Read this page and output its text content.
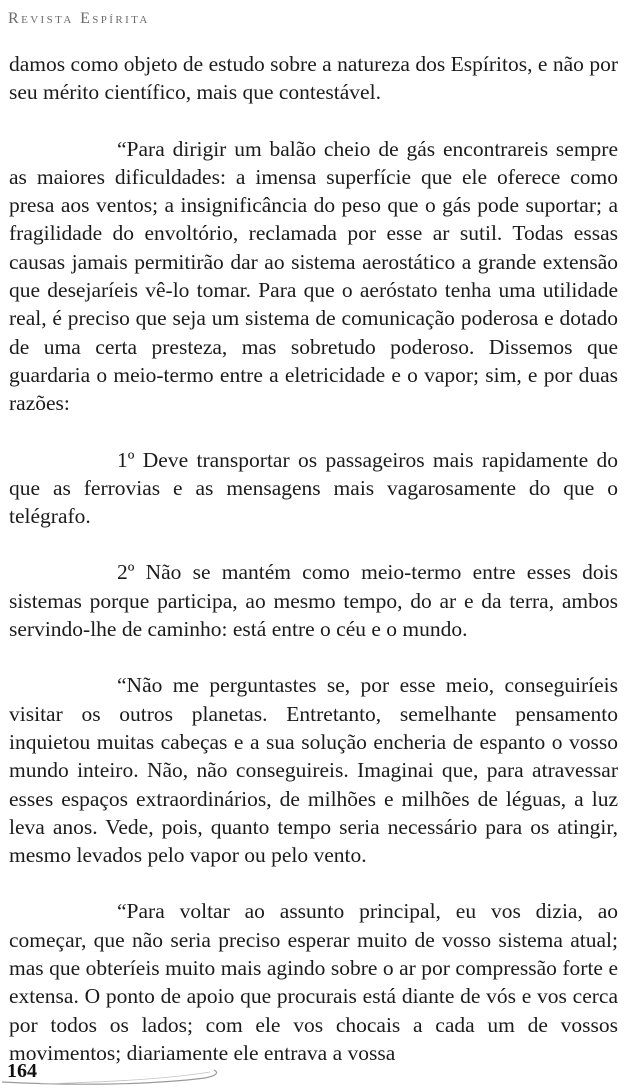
Revista Espírita

damos como objeto de estudo sobre a natureza dos Espíritos, e não por seu mérito científico, mais que contestável.

“Para dirigir um balão cheio de gás encontrareis sempre as maiores dificuldades: a imensa superfície que ele oferece como presa aos ventos; a insignificância do peso que o gás pode suportar; a fragilidade do envoltório, reclamada por esse ar sutil. Todas essas causas jamais permitirão dar ao sistema aerostático a grande extensão que desejaríeis vê-lo tomar. Para que o aeróstato tenha uma utilidade real, é preciso que seja um sistema de comunicação poderosa e dotado de uma certa presteza, mas sobretudo poderoso. Dissemos que guardaria o meio-termo entre a eletricidade e o vapor; sim, e por duas razões:

1º Deve transportar os passageiros mais rapidamente do que as ferrovias e as mensagens mais vagarosamente do que o telégrafo.

2º Não se mantém como meio-termo entre esses dois sistemas porque participa, ao mesmo tempo, do ar e da terra, ambos servindo-lhe de caminho: está entre o céu e o mundo.

“Não me perguntastes se, por esse meio, conseguiríeis visitar os outros planetas. Entretanto, semelhante pensamento inquietou muitas cabeças e a sua solução encheria de espanto o vosso mundo inteiro. Não, não conseguireis. Imaginai que, para atravessar esses espaços extraordinários, de milhões e milhões de léguas, a luz leva anos. Vede, pois, quanto tempo seria necessário para os atingir, mesmo levados pelo vapor ou pelo vento.

“Para voltar ao assunto principal, eu vos dizia, ao começar, que não seria preciso esperar muito de vosso sistema atual; mas que obteríeis muito mais agindo sobre o ar por compressão forte e extensa. O ponto de apoio que procurais está diante de vós e vos cerca por todos os lados; com ele vos chocais a cada um de vossos movimentos; diariamente ele entrava a vossa

164
